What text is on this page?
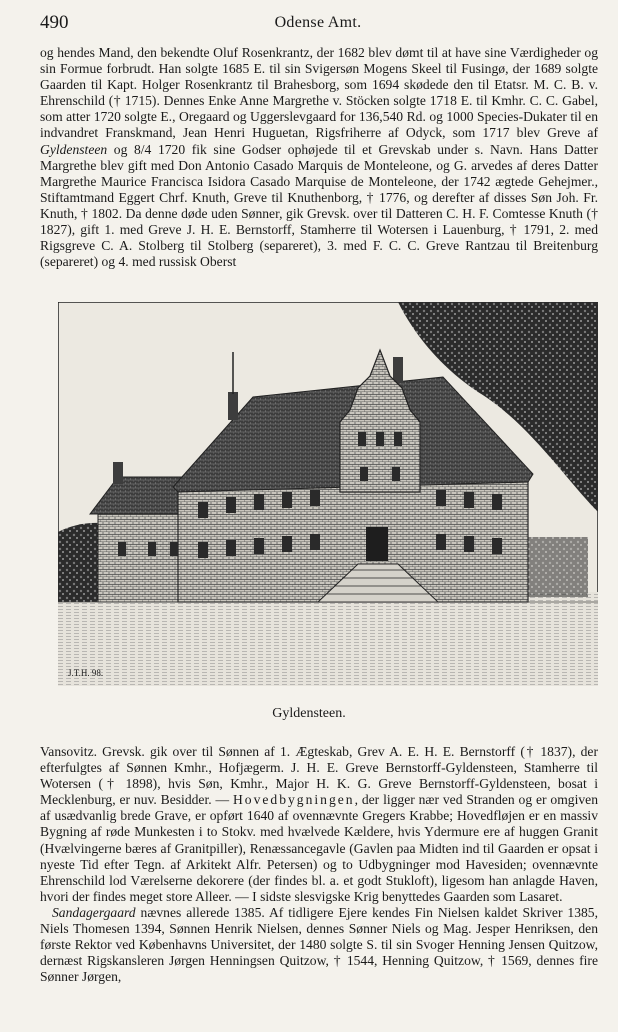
490	Odense Amt.

og hendes Mand, den bekendte Oluf Rosenkrantz, der 1682 blev dømt til at have sine Værdigheder og sin Formue forbrudt. Han solgte 1685 E. til sin Svigersøn Mogens Skeel til Fusingø, der 1689 solgte Gaarden til Kapt. Holger Rosenkrantz til Brahesborg, som 1694 skødede den til Etatsr. M. C. B. v. Ehrenschild († 1715). Dennes Enke Anne Margrethe v. Stöcken solgte 1718 E. til Kmhr. C. C. Gabel, som atter 1720 solgte E., Oregaard og Uggerslevgaard for 136,540 Rd. og 1000 Species-Dukater til en indvandret Franskmand, Jean Henri Huguetan, Rigsfriherre af Odyck, som 1717 blev Greve af Gyldensteen og 8/4 1720 fik sine Godser ophøjede til et Grevskab under s. Navn. Hans Datter Margrethe blev gift med Don Antonio Casado Marquis de Monteleone, og G. arvedes af deres Datter Margrethe Maurice Francisca Isidora Casado Marquise de Monteleone, der 1742 ægtede Gehejmer., Stiftamtmand Eggert Chrf. Knuth, Greve til Knuthenborg, † 1776, og derefter af disses Søn Joh. Fr. Knuth, † 1802. Da denne døde uden Sønner, gik Grevsk. over til Datteren C. H. F. Comtesse Knuth († 1827), gift 1. med Greve J. H. E. Bernstorff, Stamherre til Wotersen i Lauenburg, † 1791, 2. med Rigsgreve C. A. Stolberg til Stolberg (separeret), 3. med F. C. C. Greve Rantzau til Breitenburg (separeret) og 4. med russisk Oberst

J.T.H. 98.
Gyldensteen.

Vansovitz. Grevsk. gik over til Sønnen af 1. Ægteskab, Grev A. E. H. E. Bernstorff († 1837), der efterfulgtes af Sønnen Kmhr., Hofjægerm. J. H. E. Greve Bernstorff-Gyldensteen, Stamherre til Wotersen († 1898), hvis Søn, Kmhr., Major H. K. G. Greve Bernstorff-Gyldensteen, bosat i Mecklenburg, er nuv. Besidder. — Hovedbygningen, der ligger nær ved Stranden og er omgiven af usædvanlig brede Grave, er opført 1640 af ovennævnte Gregers Krabbe; Hovedfløjen er en massiv Bygning af røde Munkesten i to Stokv. med hvælvede Kældere, hvis Ydermure ere af huggen Granit (Hvælvingerne bæres af Granitpiller), Renæssancegavle (Gavlen paa Midten ind til Gaarden er opsat i nyeste Tid efter Tegn. af Arkitekt Alfr. Petersen) og to Udbygninger mod Havesiden; ovennævnte Ehrenschild lod Værelserne dekorere (der findes bl. a. et godt Stukloft), ligesom han anlagde Haven, hvori der findes meget store Alleer. — I sidste slesvigske Krig benyttedes Gaarden som Lasaret.

Sandagergaard nævnes allerede 1385. Af tidligere Ejere kendes Fin Nielsen kaldet Skriver 1385, Niels Thomesen 1394, Sønnen Henrik Nielsen, dennes Sønner Niels og Mag. Jesper Henriksen, den første Rektor ved Københavns Universitet, der 1480 solgte S. til sin Svoger Henning Jensen Quitzow, dernæst Rigskansleren Jørgen Henningsen Quitzow, † 1544, Henning Quitzow, † 1569, dennes fire Sønner Jørgen,
